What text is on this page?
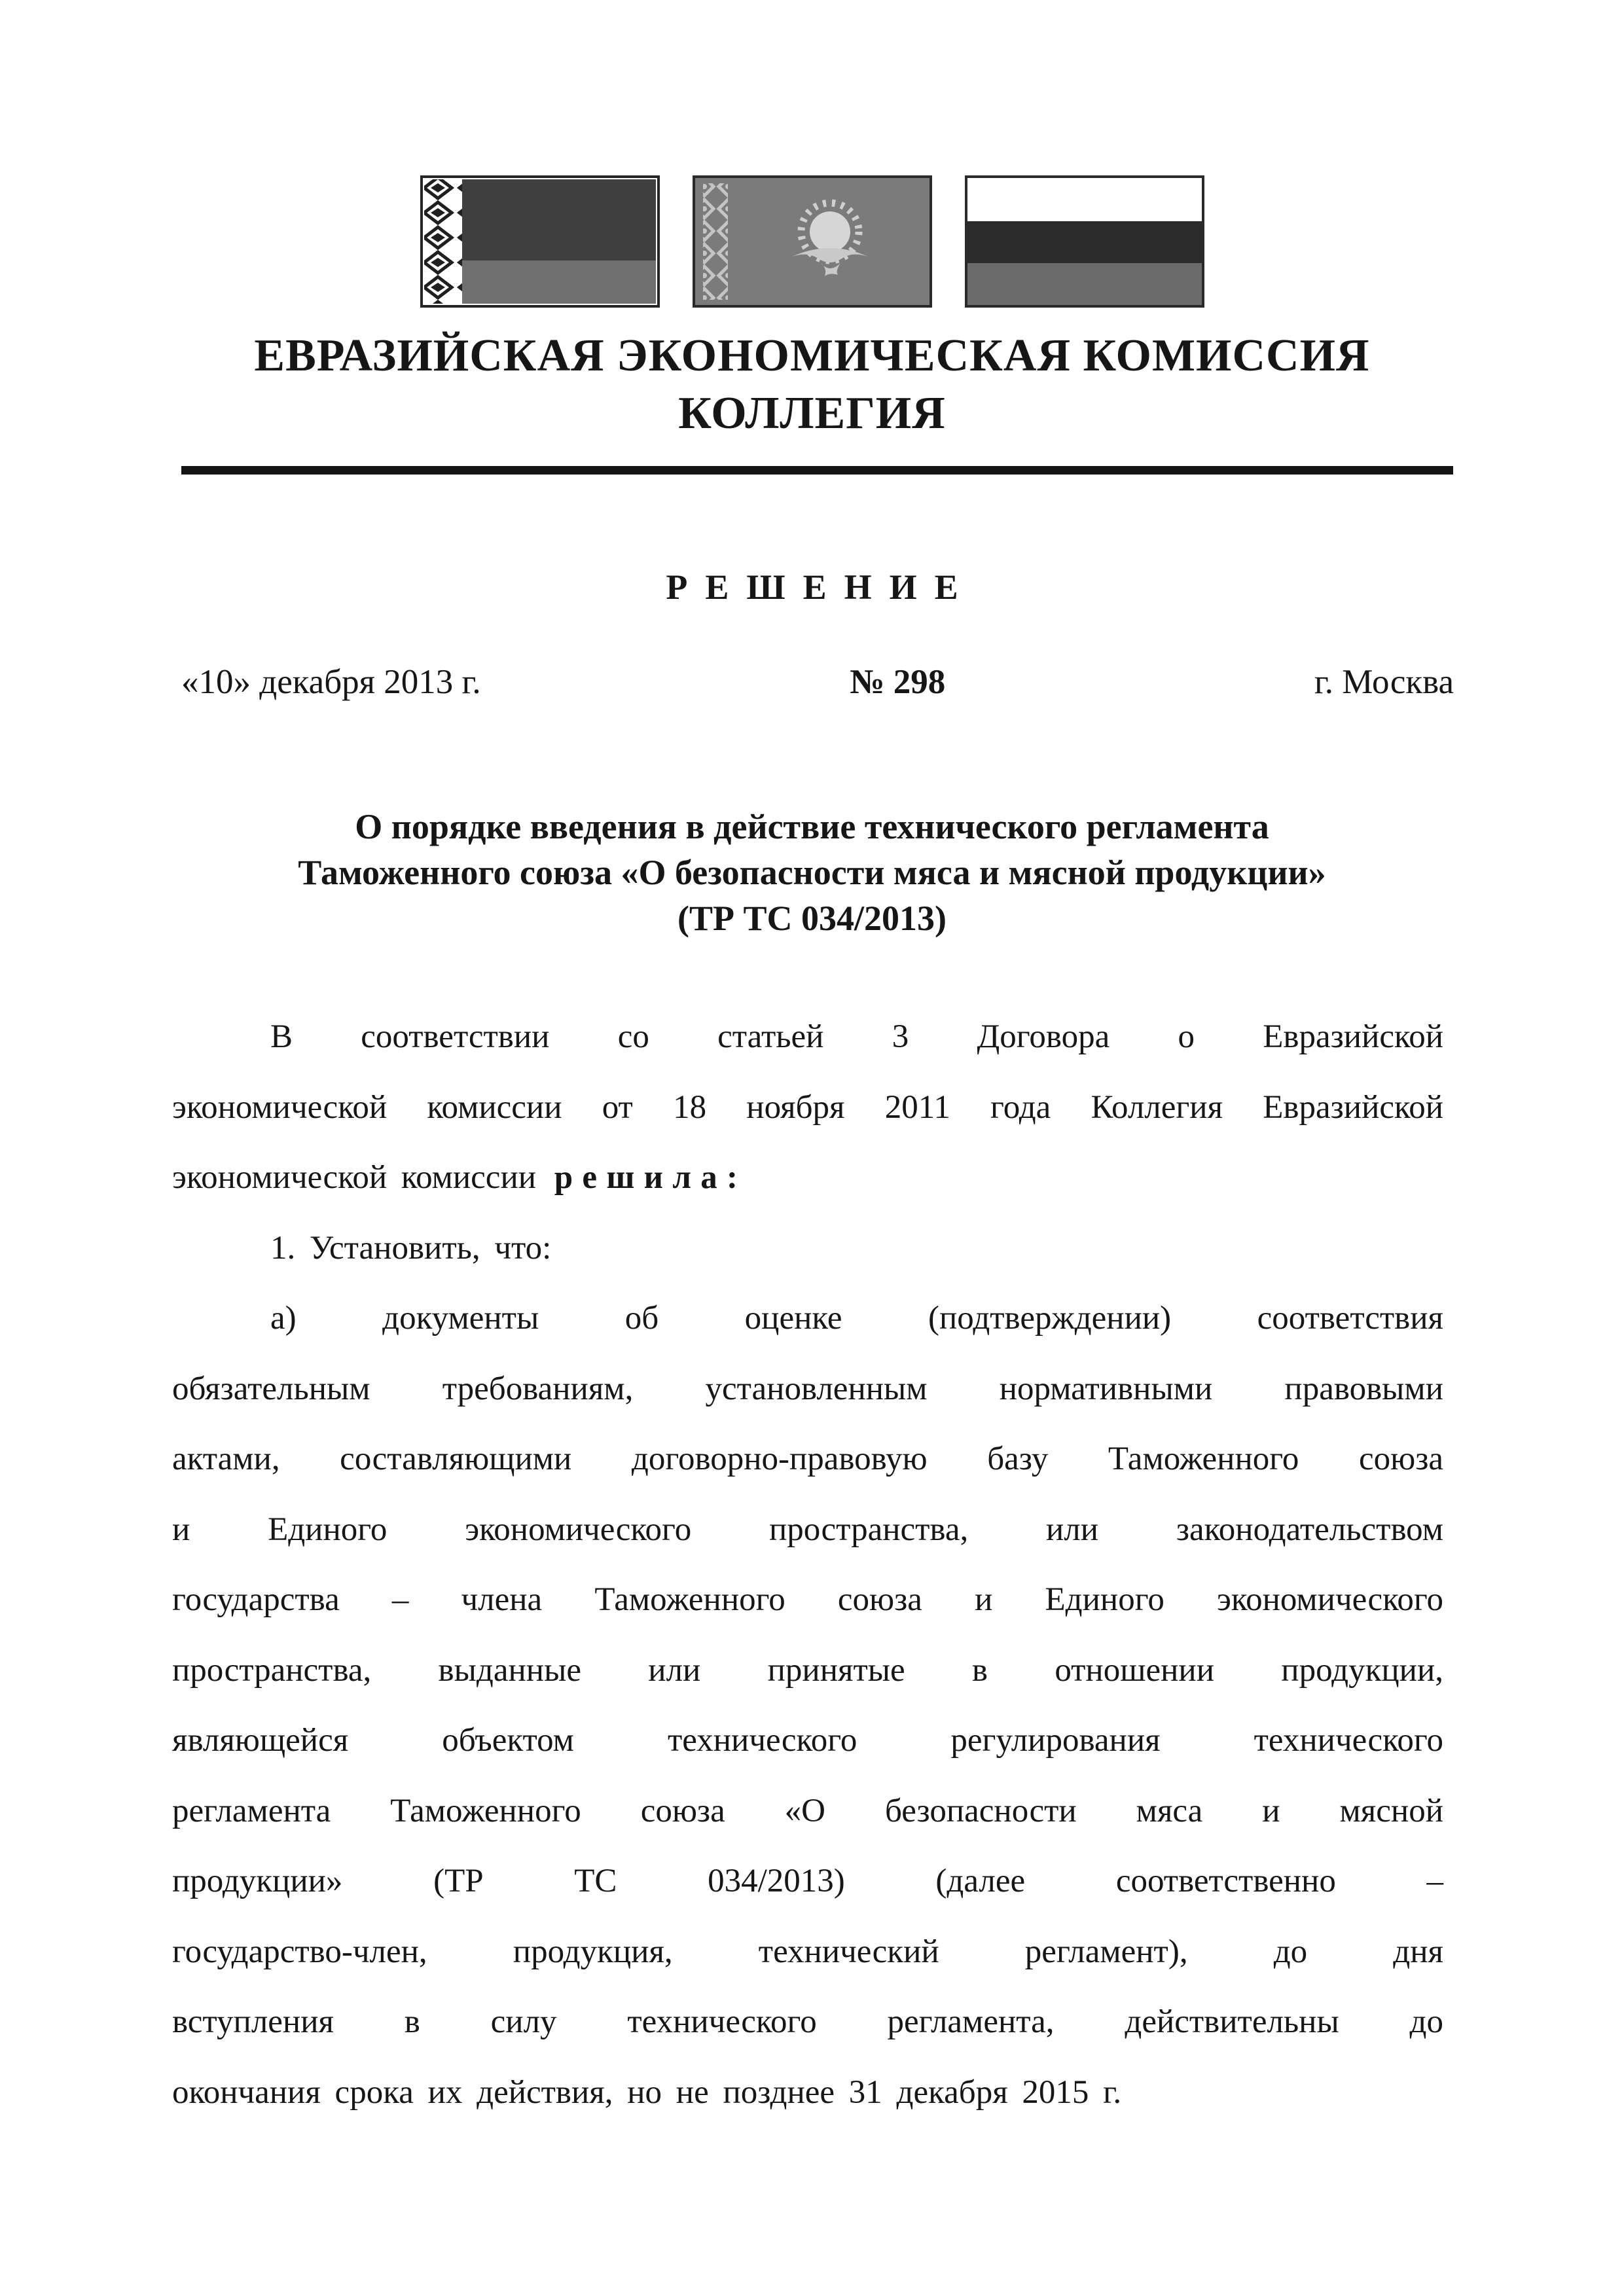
ЕВРАЗИЙСКАЯ ЭКОНОМИЧЕСКАЯ КОМИССИЯ
КОЛЛЕГИЯ
РЕШЕНИЕ
«10» декабря 2013 г.	№ 298	г. Москва
О порядке введения в действие технического регламента
Таможенного союза «О безопасности мяса и мясной продукции»
(ТР ТС 034/2013)
В соответствии со статьей 3 Договора о Евразийской
экономической комиссии от 18 ноября 2011 года Коллегия Евразийской
экономической комиссии решила:
1. Установить, что:
а) документы об оценке (подтверждении) соответствия
обязательным требованиям, установленным нормативными правовыми
актами, составляющими договорно-правовую базу Таможенного союза
и Единого экономического пространства, или законодательством
государства – члена Таможенного союза и Единого экономического
пространства, выданные или принятые в отношении продукции,
являющейся объектом технического регулирования технического
регламента Таможенного союза «О безопасности мяса и мясной
продукции» (ТР ТС 034/2013) (далее соответственно –
государство-член, продукция, технический регламент), до дня
вступления в силу технического регламента, действительны до
окончания срока их действия, но не позднее 31 декабря 2015 г.
